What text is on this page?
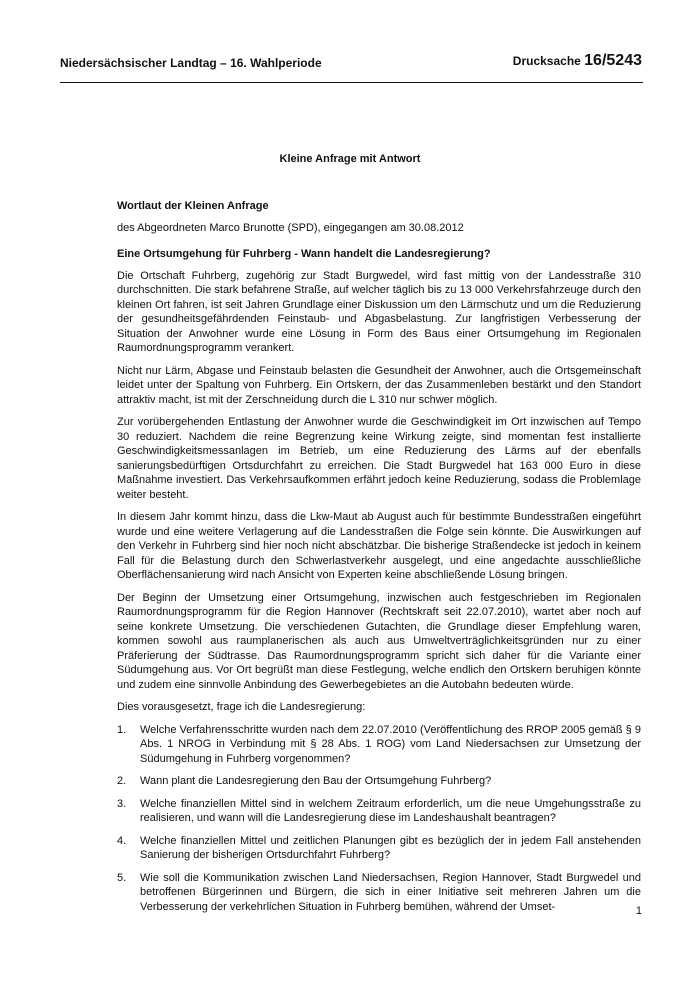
Niedersächsischer Landtag – 16. Wahlperiode	Drucksache 16/5243
Kleine Anfrage mit Antwort

Wortlaut der Kleinen Anfrage

des Abgeordneten Marco Brunotte (SPD), eingegangen am 30.08.2012

Eine Ortsumgehung für Fuhrberg - Wann handelt die Landesregierung?

Die Ortschaft Fuhrberg, zugehörig zur Stadt Burgwedel, wird fast mittig von der Landesstraße 310 durchschnitten. Die stark befahrene Straße, auf welcher täglich bis zu 13 000 Verkehrsfahrzeuge durch den kleinen Ort fahren, ist seit Jahren Grundlage einer Diskussion um den Lärmschutz und um die Reduzierung der gesundheitsgefährdenden Feinstaub- und Abgasbelastung. Zur langfristigen Verbesserung der Situation der Anwohner wurde eine Lösung in Form des Baus einer Ortsumgehung im Regionalen Raumordnungsprogramm verankert.

Nicht nur Lärm, Abgase und Feinstaub belasten die Gesundheit der Anwohner, auch die Ortsgemeinschaft leidet unter der Spaltung von Fuhrberg. Ein Ortskern, der das Zusammenleben bestärkt und den Standort attraktiv macht, ist mit der Zerschneidung durch die L 310 nur schwer möglich.

Zur vorübergehenden Entlastung der Anwohner wurde die Geschwindigkeit im Ort inzwischen auf Tempo 30 reduziert. Nachdem die reine Begrenzung keine Wirkung zeigte, sind momentan fest installierte Geschwindigkeitsmessanlagen im Betrieb, um eine Reduzierung des Lärms auf der ebenfalls sanierungsbedürftigen Ortsdurchfahrt zu erreichen. Die Stadt Burgwedel hat 163 000 Euro in diese Maßnahme investiert. Das Verkehrsaufkommen erfährt jedoch keine Reduzierung, sodass die Problemlage weiter besteht.

In diesem Jahr kommt hinzu, dass die Lkw-Maut ab August auch für bestimmte Bundesstraßen eingeführt wurde und eine weitere Verlagerung auf die Landesstraßen die Folge sein könnte. Die Auswirkungen auf den Verkehr in Fuhrberg sind hier noch nicht abschätzbar. Die bisherige Straßendecke ist jedoch in keinem Fall für die Belastung durch den Schwerlastverkehr ausgelegt, und eine angedachte ausschließliche Oberflächensanierung wird nach Ansicht von Experten keine abschließende Lösung bringen.

Der Beginn der Umsetzung einer Ortsumgehung, inzwischen auch festgeschrieben im Regionalen Raumordnungsprogramm für die Region Hannover (Rechtskraft seit 22.07.2010), wartet aber noch auf seine konkrete Umsetzung. Die verschiedenen Gutachten, die Grundlage dieser Empfehlung waren, kommen sowohl aus raumplanerischen als auch aus Umweltverträglichkeitsgründen nur zu einer Präferierung der Südtrasse. Das Raumordnungsprogramm spricht sich daher für die Variante einer Südumgehung aus. Vor Ort begrüßt man diese Festlegung, welche endlich den Ortskern beruhigen könnte und zudem eine sinnvolle Anbindung des Gewerbegebietes an die Autobahn bedeuten würde.

Dies vorausgesetzt, frage ich die Landesregierung:

1. Welche Verfahrensschritte wurden nach dem 22.07.2010 (Veröffentlichung des RROP 2005 gemäß § 9 Abs. 1 NROG in Verbindung mit § 28 Abs. 1 ROG) vom Land Niedersachsen zur Umsetzung der Südumgehung in Fuhrberg vorgenommen?
2. Wann plant die Landesregierung den Bau der Ortsumgehung Fuhrberg?
3. Welche finanziellen Mittel sind in welchem Zeitraum erforderlich, um die neue Umgehungsstraße zu realisieren, und wann will die Landesregierung diese im Landeshaushalt beantragen?
4. Welche finanziellen Mittel und zeitlichen Planungen gibt es bezüglich der in jedem Fall anstehenden Sanierung der bisherigen Ortsdurchfahrt Fuhrberg?
5. Wie soll die Kommunikation zwischen Land Niedersachsen, Region Hannover, Stadt Burgwedel und betroffenen Bürgerinnen und Bürgern, die sich in einer Initiative seit mehreren Jahren um die Verbesserung der verkehrlichen Situation in Fuhrberg bemühen, während der Umset-	1
